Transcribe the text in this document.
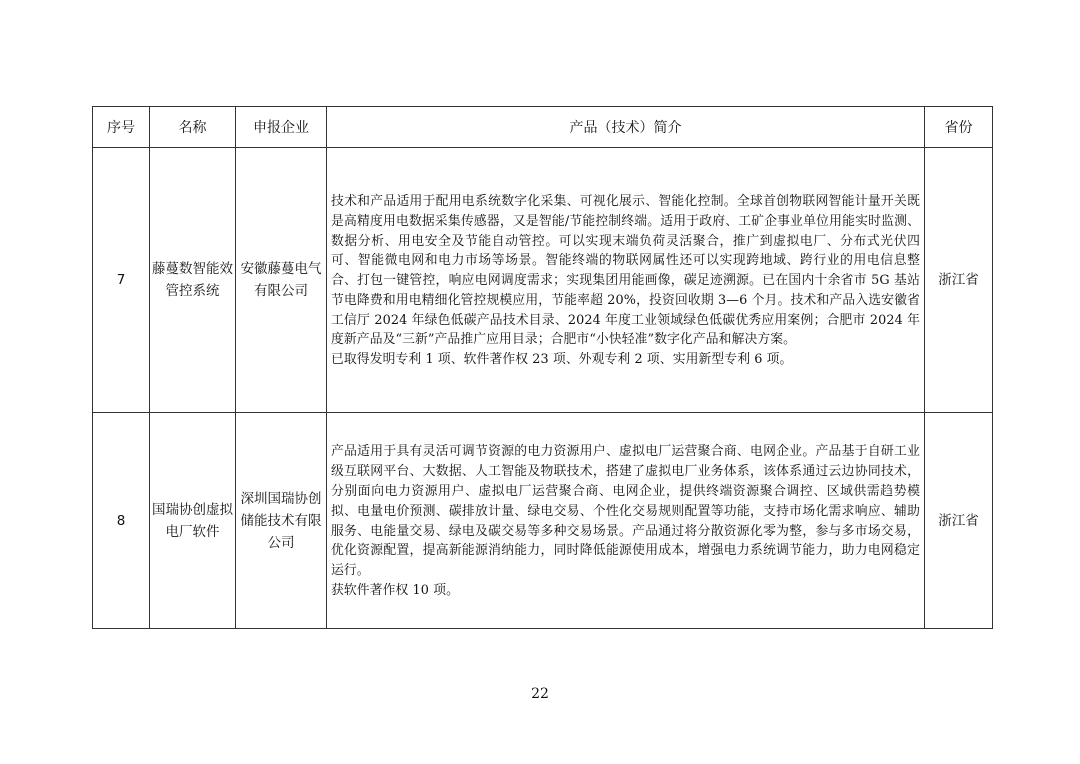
序号	名称	申报企业	产品（技术）简介	省份
7	藤蔓数智能效管控系统	安徽藤蔓电气有限公司	技术和产品适用于配用电系统数字化采集、可视化展示、智能化控制。全球首创物联网智能计量开关既是高精度用电数据采集传感器，又是智能/节能控制终端。适用于政府、工矿企事业单位用能实时监测、数据分析、用电安全及节能自动管控。可以实现末端负荷灵活聚合，推广到虚拟电厂、分布式光伏四可、智能微电网和电力市场等场景。智能终端的物联网属性还可以实现跨地域、跨行业的用电信息整合、打包一键管控，响应电网调度需求；实现集团用能画像，碳足迹溯源。已在国内十余省市 5G 基站节电降费和用电精细化管控规模应用，节能率超 20%，投资回收期 3—6 个月。技术和产品入选安徽省工信厅 2024 年绿色低碳产品技术目录、2024 年度工业领域绿色低碳优秀应用案例；合肥市 2024 年度新产品及“三新”产品推广应用目录；合肥市“小快轻准”数字化产品和解决方案。

已取得发明专利 1 项、软件著作权 23 项、外观专利 2 项、实用新型专利 6 项。	浙江省
8	国瑞协创虚拟电厂软件	深圳国瑞协创储能技术有限公司	产品适用于具有灵活可调节资源的电力资源用户、虚拟电厂运营聚合商、电网企业。产品基于自研工业级互联网平台、大数据、人工智能及物联技术，搭建了虚拟电厂业务体系，该体系通过云边协同技术，分别面向电力资源用户、虚拟电厂运营聚合商、电网企业，提供终端资源聚合调控、区域供需趋势模拟、电量电价预测、碳排放计量、绿电交易、个性化交易规则配置等功能，支持市场化需求响应、辅助服务、电能量交易、绿电及碳交易等多种交易场景。产品通过将分散资源化零为整，参与多市场交易，优化资源配置，提高新能源消纳能力，同时降低能源使用成本，增强电力系统调节能力，助力电网稳定运行。

获软件著作权 10 项。	浙江省
22
